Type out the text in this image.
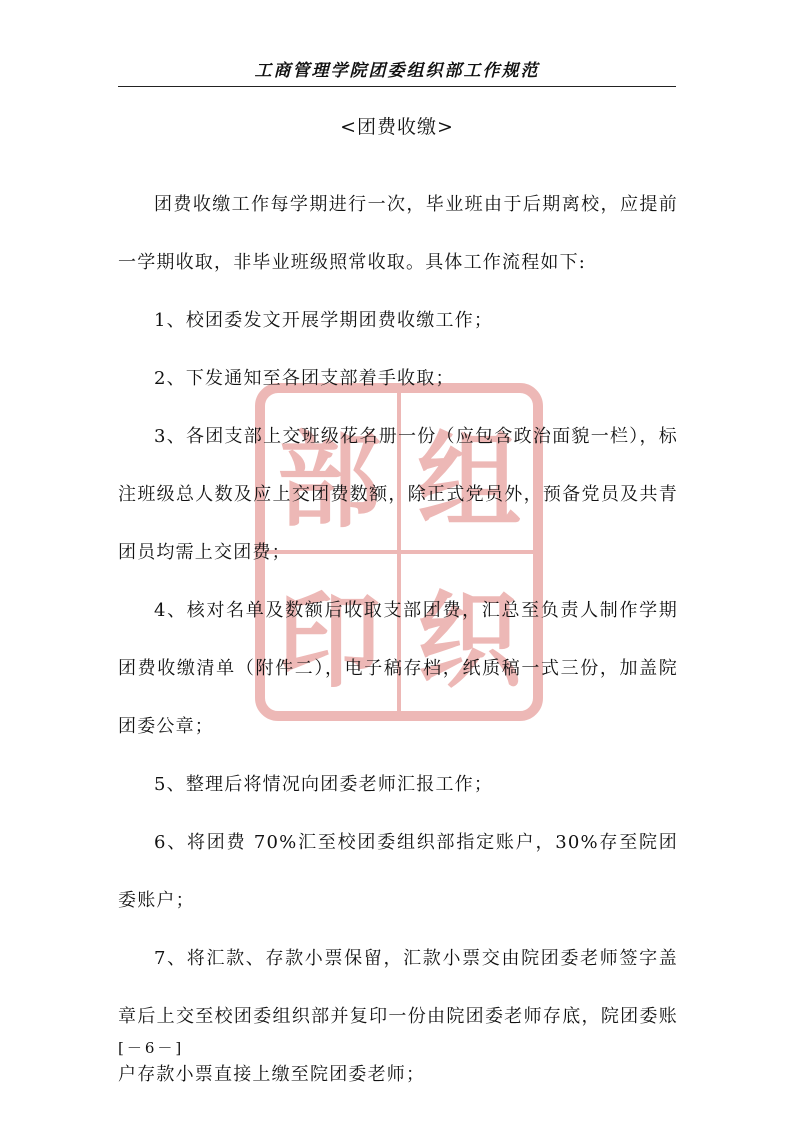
工商管理学院团委组织部工作规范
<团费收缴>
组
织
部
印

团费收缴工作每学期进行一次，毕业班由于后期离校，应提前一学期收取，非毕业班级照常收取。具体工作流程如下:

1、校团委发文开展学期团费收缴工作；

2、下发通知至各团支部着手收取；

3、各团支部上交班级花名册一份（应包含政治面貌一栏），标注班级总人数及应上交团费数额，除正式党员外，预备党员及共青团员均需上交团费；

4、核对名单及数额后收取支部团费，汇总至负责人制作学期团费收缴清单（附件二），电子稿存档，纸质稿一式三份，加盖院团委公章；

5、整理后将情况向团委老师汇报工作；

6、将团费 70%汇至校团委组织部指定账户，30%存至院团委账户；

7、将汇款、存款小票保留，汇款小票交由院团委老师签字盖章后上交至校团委组织部并复印一份由院团委老师存底，院团委账户存款小票直接上缴至院团委老师；

[－6－]
